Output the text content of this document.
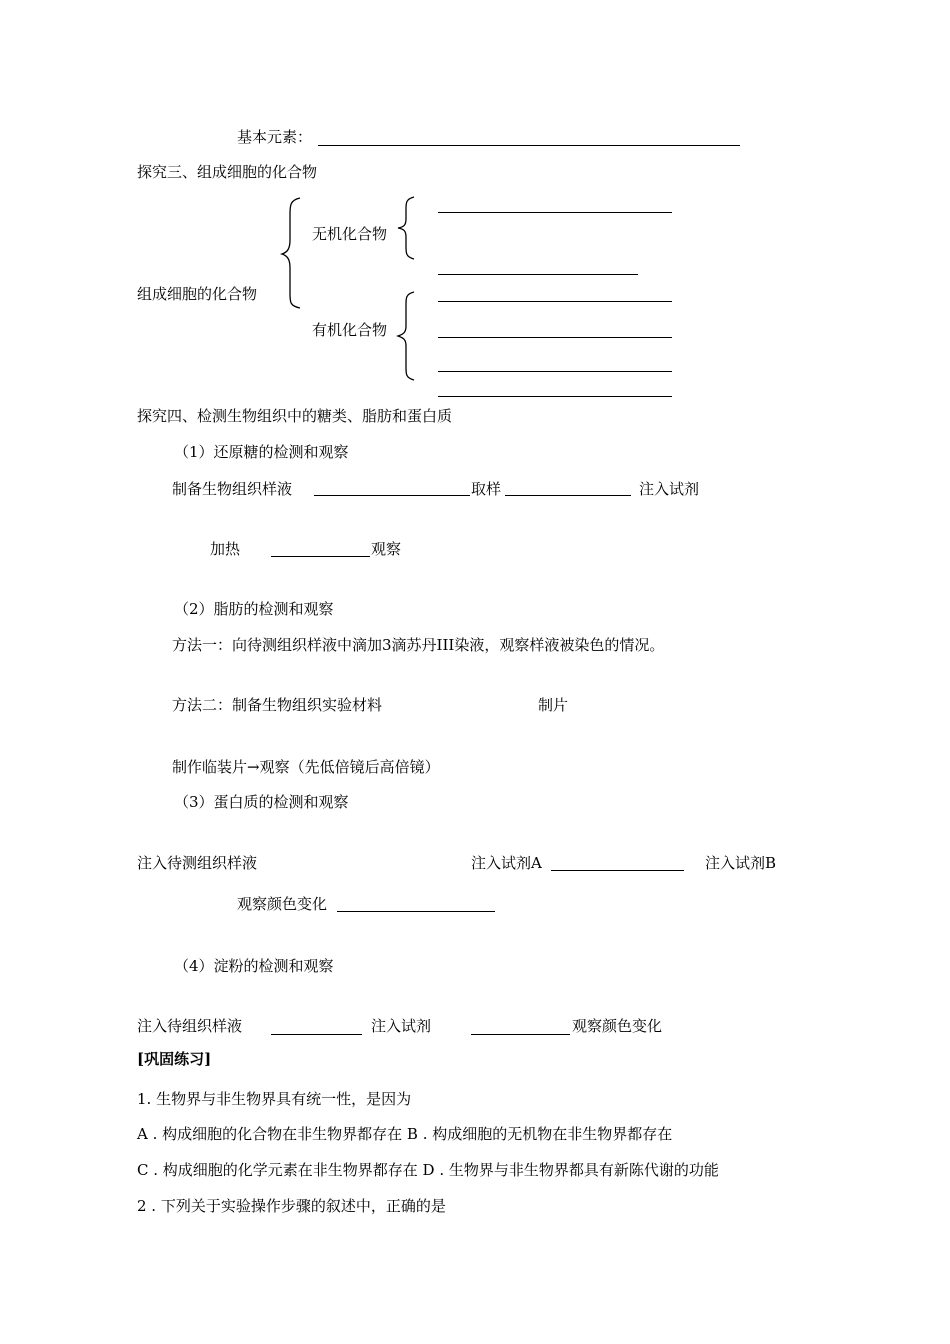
基本元素：
探究三、组成细胞的化合物
组成细胞的化合物
无机化合物
有机化合物
探究四、检测生物组织中的糖类、脂肪和蛋白质
（1）还原糖的检测和观察
制备生物组织样液	取样	注入试剂
加热	观察
（2）脂肪的检测和观察
方法一：向待测组织样液中滴加3滴苏丹III染液，观察样液被染色的情况。
方法二：制备生物组织实验材料	制片
制作临装片→观察（先低倍镜后高倍镜）
（3）蛋白质的检测和观察
注入待测组织样液	注入试剂A	注入试剂B
观察颜色变化
（4）淀粉的检测和观察
注入待组织样液	注入试剂	观察颜色变化
[巩固练习]
1. 生物界与非生物界具有统一性，是因为
A . 构成细胞的化合物在非生物界都存在 B . 构成细胞的无机物在非生物界都存在
C . 构成细胞的化学元素在非生物界都存在 D . 生物界与非生物界都具有新陈代谢的功能
2 . 下列关于实验操作步骤的叙述中，正确的是
